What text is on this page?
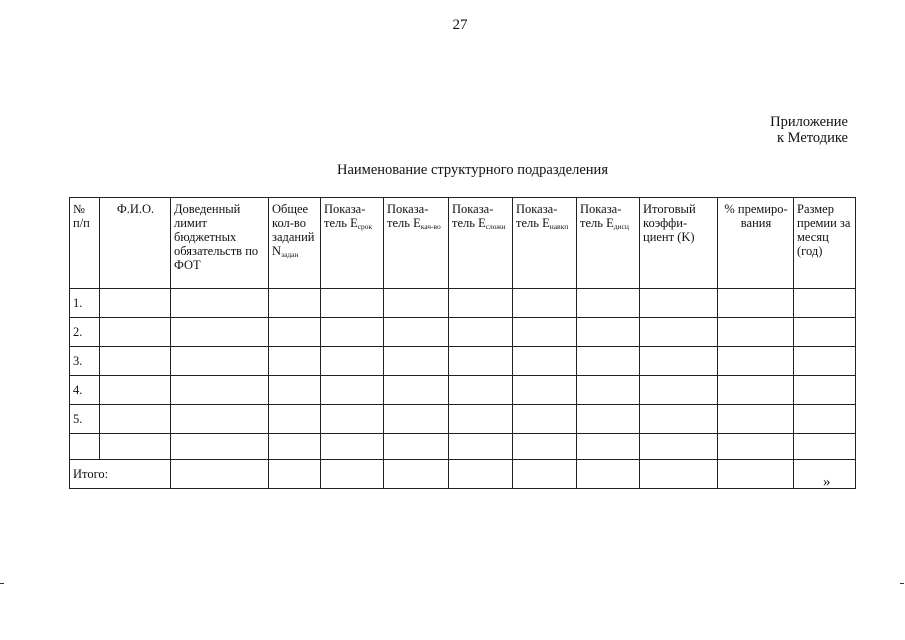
27
Приложение
к Методике
Наименование структурного подразделения
№ п/п	Ф.И.О.	Доведенный лимит бюджетных обязательств по ФОТ	Общее кол-во заданий $N_{задан}$	Показа-тель $E_{срок}$	Показа-тель $E_{кач-во}$	Показа-тель $E_{сложн}$	Показа-тель $E_{навкп}$	Показа-тель $E_{дисц}$	Итоговый коэффи-циент (K)	% премиро-вания	Размер премии за месяц (год)
1.											
2.											
3.											
4.											
5.											

Итого:												»
